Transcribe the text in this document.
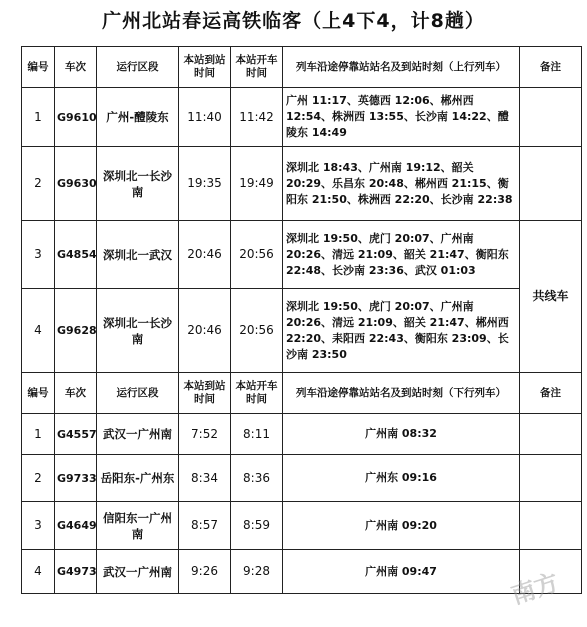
广州北站春运高铁临客（上4下4，计8趟）
编号	车次	运行区段	本站到站时间	本站开车时间	列车沿途停靠站站名及到站时刻（上行列车）	备注
1	G9610	广州-醴陵东	11:40	11:42	广州 11:17、英德西 12:06、郴州西 12:54、株洲西 13:55、长沙南 14:22、醴陵东 14:49	
2	G9630	深圳北一长沙南	19:35	19:49	深圳北 18:43、广州南 19:12、韶关 20:29、乐昌东 20:48、郴州西 21:15、衡阳东 21:50、株洲西 22:20、长沙南 22:38	
3	G4854	深圳北一武汉	20:46	20:56	深圳北 19:50、虎门 20:07、广州南 20:26、清远 21:09、韶关 21:47、衡阳东 22:48、长沙南 23:36、武汉 01:03	共线车
4	G9628	深圳北一长沙南	20:46	20:56	深圳北 19:50、虎门 20:07、广州南 20:26、清远 21:09、韶关 21:47、郴州西 22:20、耒阳西 22:43、衡阳东 23:09、长沙南 23:50	
编号	车次	运行区段	本站到站时间	本站开车时间	列车沿途停靠站站名及到站时刻（下行列车）	备注
1	G4557	武汉一广州南	7:52	8:11	广州南 08:32	
2	G9733	岳阳东-广州东	8:34	8:36	广州东 09:16	
3	G4649	信阳东一广州南	8:57	8:59	广州南 09:20	
4	G4973	武汉一广州南	9:26	9:28	广州南 09:47		南方
